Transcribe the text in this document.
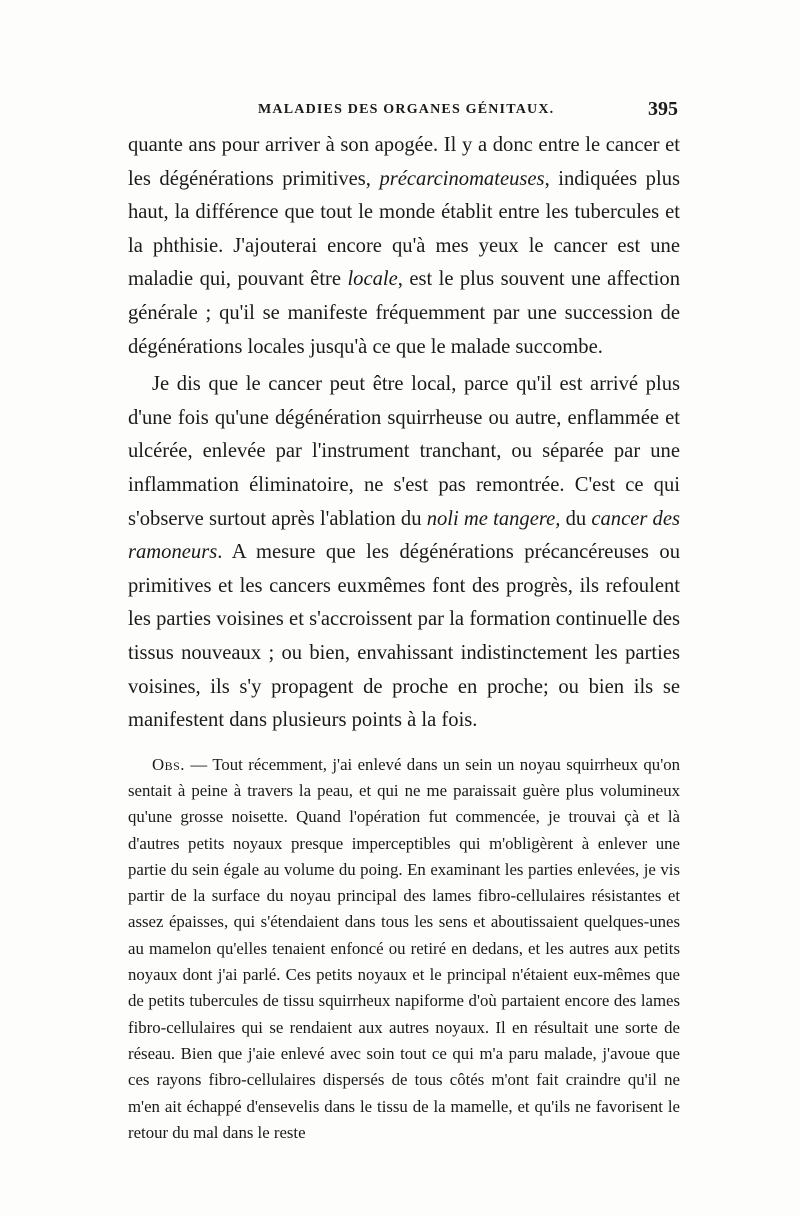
MALADIES DES ORGANES GÉNITAUX.	395

quante ans pour arriver à son apogée. Il y a donc entre le cancer et les dégénérations primitives, précarcinomateuses, indiquées plus haut, la différence que tout le monde établit entre les tubercules et la phthisie. J'ajouterai encore qu'à mes yeux le cancer est une maladie qui, pouvant être locale, est le plus souvent une affection générale ; qu'il se manifeste fréquemment par une succession de dégénérations locales jusqu'à ce que le malade succombe.

Je dis que le cancer peut être local, parce qu'il est arrivé plus d'une fois qu'une dégénération squirrheuse ou autre, enflammée et ulcérée, enlevée par l'instrument tranchant, ou séparée par une inflammation éliminatoire, ne s'est pas remontrée. C'est ce qui s'observe surtout après l'ablation du noli me tangere, du cancer des ramoneurs. A mesure que les dégénérations précancéreuses ou primitives et les cancers euxmêmes font des progrès, ils refoulent les parties voisines et s'accroissent par la formation continuelle des tissus nouveaux ; ou bien, envahissant indistinctement les parties voisines, ils s'y propagent de proche en proche; ou bien ils se manifestent dans plusieurs points à la fois.

Obs. — Tout récemment, j'ai enlevé dans un sein un noyau squirrheux qu'on sentait à peine à travers la peau, et qui ne me paraissait guère plus volumineux qu'une grosse noisette. Quand l'opération fut commencée, je trouvai çà et là d'autres petits noyaux presque imperceptibles qui m'obligèrent à enlever une partie du sein égale au volume du poing. En examinant les parties enlevées, je vis partir de la surface du noyau principal des lames fibro-cellulaires résistantes et assez épaisses, qui s'étendaient dans tous les sens et aboutissaient quelques-unes au mamelon qu'elles tenaient enfoncé ou retiré en dedans, et les autres aux petits noyaux dont j'ai parlé. Ces petits noyaux et le principal n'étaient eux-mêmes que de petits tubercules de tissu squirrheux napiforme d'où partaient encore des lames fibro-cellulaires qui se rendaient aux autres noyaux. Il en résultait une sorte de réseau. Bien que j'aie enlevé avec soin tout ce qui m'a paru malade, j'avoue que ces rayons fibro-cellulaires dispersés de tous côtés m'ont fait craindre qu'il ne m'en ait échappé d'ensevelis dans le tissu de la mamelle, et qu'ils ne favorisent le retour du mal dans le reste
